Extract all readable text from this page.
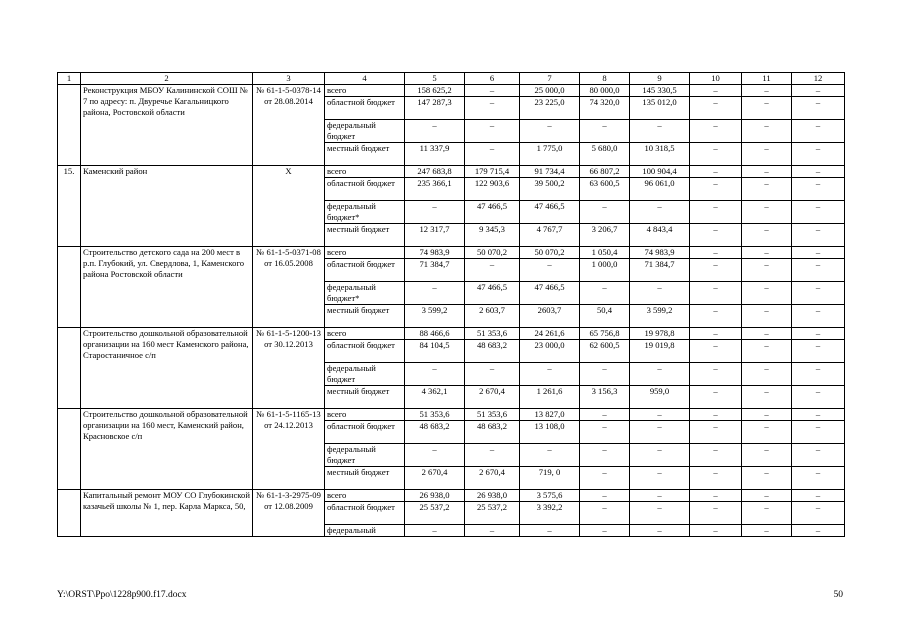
1	2	3	4	5	6	7	8	9	10	11	12
	Реконструкция МБОУ Калининской СОШ № 7 по адресу: п. Двуречье Кагальницкого района, Ростовской области	№ 61-1-5-0378-14 от 28.08.2014	всего	158 625,2	–	25 000,0	80 000,0	145 330,5	–	–	–
			областной бюджет	147 287,3	–	23 225,0	74 320,0	135 012,0	–	–	–
			федеральный бюджет	–	–	–	–	–	–	–	–
			местный бюджет	11 337,9	–	1 775,0	5 680,0	10 318,5	–	–	–
15.	Каменский район	Х	всего	247 683,8	179 715,4	91 734,4	66 807,2	100 904,4	–	–	–
			областной бюджет	235 366,1	122 903,6	39 500,2	63 600,5	96 061,0	–	–	–
			федеральный бюджет*	–	47 466,5	47 466,5	–	–	–	–	–
			местный бюджет	12 317,7	9 345,3	4 767,7	3 206,7	4 843,4	–	–	–
	Строительство детского сада на 200 мест в р.п. Глубокий, ул. Свердлова, 1, Каменского района Ростовской области	№ 61-1-5-0371-08 от 16.05.2008	всего	74 983,9	50 070,2	50 070,2	1 050,4	74 983,9	–	–	–
			областной бюджет	71 384,7	–	–	1 000,0	71 384,7	–	–	–
			федеральный бюджет*	–	47 466,5	47 466,5	–	–	–	–	–
			местный бюджет	3 599,2	2 603,7	2603,7	50,4	3 599,2	–	–	–
	Строительство дошкольной образовательной организации на 160 мест Каменского района, Старостаничное с/п	№ 61-1-5-1200-13 от 30.12.2013	всего	88 466,6	51 353,6	24 261,6	65 756,8	19 978,8	–	–	–
			областной бюджет	84 104,5	48 683,2	23 000,0	62 600,5	19 019,8	–	–	–
			федеральный бюджет	–	–	–	–	–	–	–	–
			местный бюджет	4 362,1	2 670,4	1 261,6	3 156,3	959,0	–	–	–
	Строительство дошкольной образовательной организации на 160 мест, Каменский район, Красновское с/п	№ 61-1-5-1165-13 от 24.12.2013	всего	51 353,6	51 353,6	13 827,0	–	–	–	–	–
			областной бюджет	48 683,2	48 683,2	13 108,0	–	–	–	–	–
			федеральный бюджет	–	–	–	–	–	–	–	–
			местный бюджет	2 670,4	2 670,4	719, 0	–	–	–	–	–
	Капитальный ремонт МОУ СО Глубокинской казачьей школы № 1, пер. Карла Маркса, 50,	№ 61-1-3-2975-09 от 12.08.2009	всего	26 938,0	26 938,0	3 575,6	–	–	–	–	–
			областной бюджет	25 537,2	25 537,2	3 392,2	–	–	–	–	–
			федеральный	–	–	–	–	–	–	–	–
Y:\ORST\Ppo\1228p900.f17.docx	50
